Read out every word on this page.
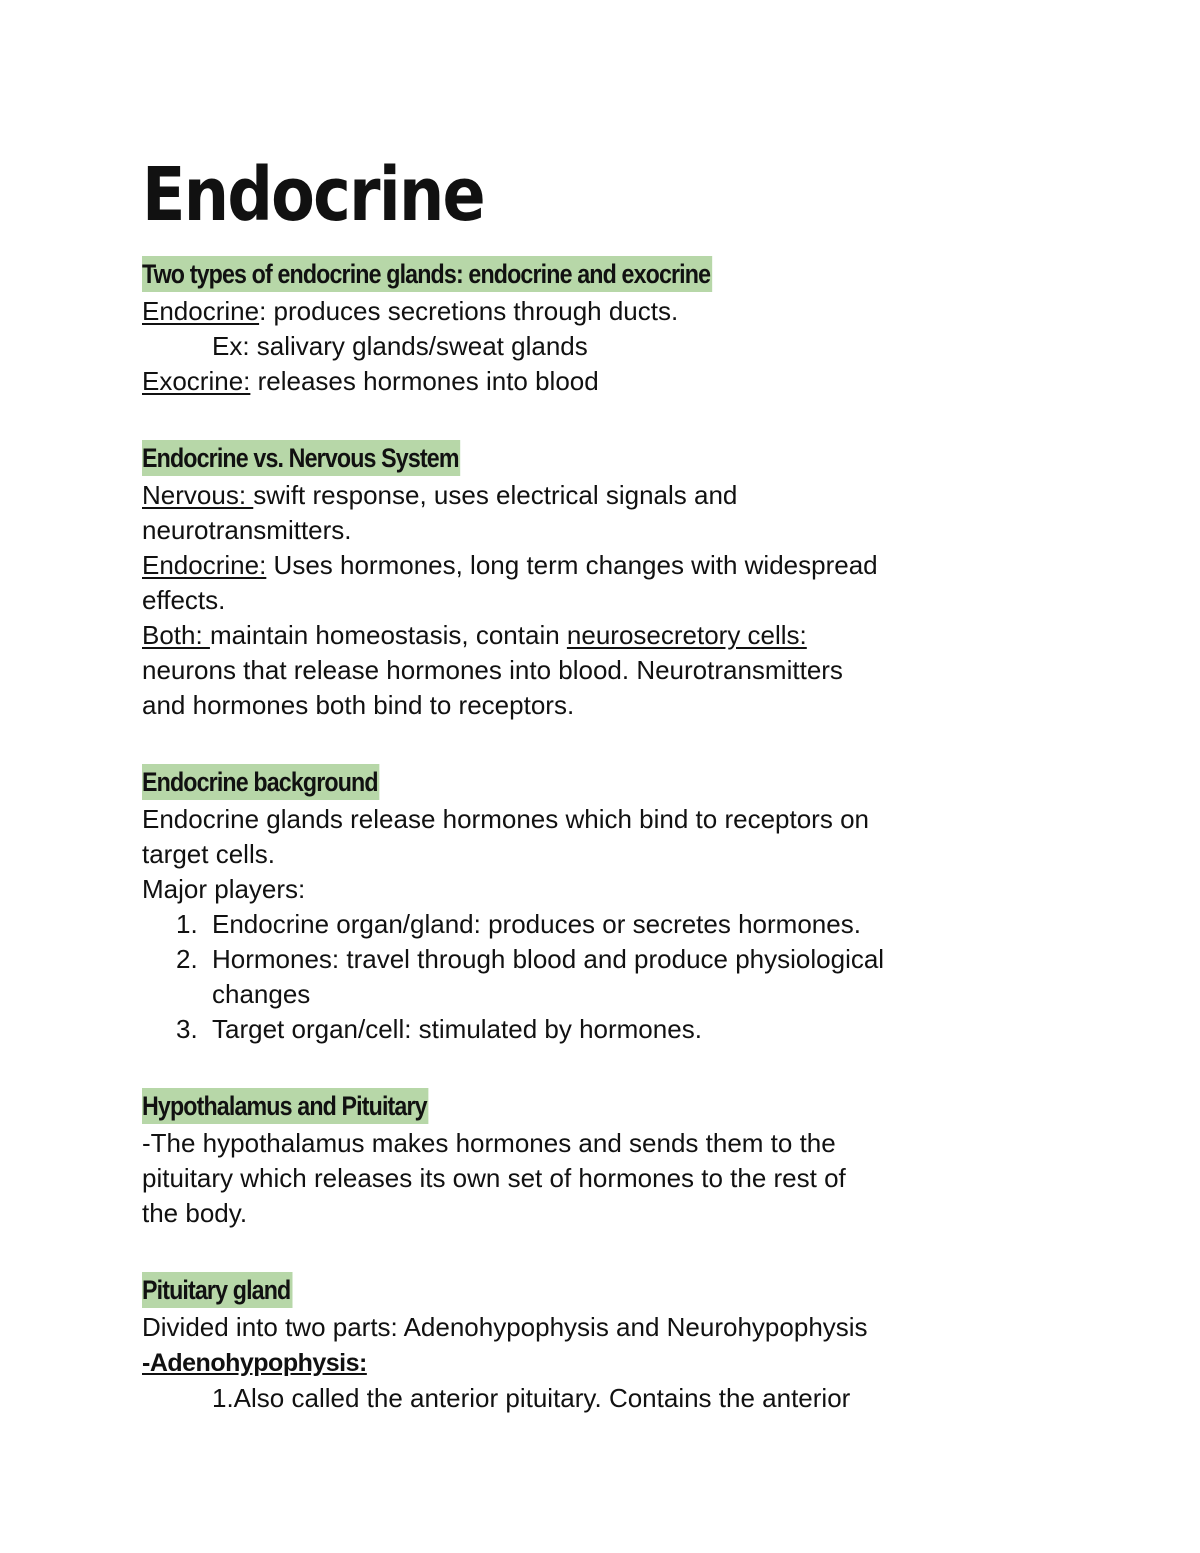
Endocrine
Two types of endocrine glands: endocrine and exocrine

Endocrine: produces secretions through ducts.

Ex: salivary glands/sweat glands

Exocrine: releases hormones into blood

Endocrine vs. Nervous System

Nervous: swift response, uses electrical signals and

neurotransmitters.

Endocrine: Uses hormones, long term changes with widespread

effects.

Both: maintain homeostasis, contain neurosecretory cells:

neurons that release hormones into blood. Neurotransmitters

and hormones both bind to receptors.

Endocrine background

Endocrine glands release hormones which bind to receptors on

target cells.

Major players:

1. Endocrine organ/gland: produces or secretes hormones.
2. Hormones: travel through blood and produce physiological
changes
3. Target organ/cell: stimulated by hormones.
Hypothalamus and Pituitary

-The hypothalamus makes hormones and sends them to the

pituitary which releases its own set of hormones to the rest of

the body.

Pituitary gland

Divided into two parts: Adenohypophysis and Neurohypophysis

-Adenohypophysis:

1.Also called the anterior pituitary. Contains the anterior
